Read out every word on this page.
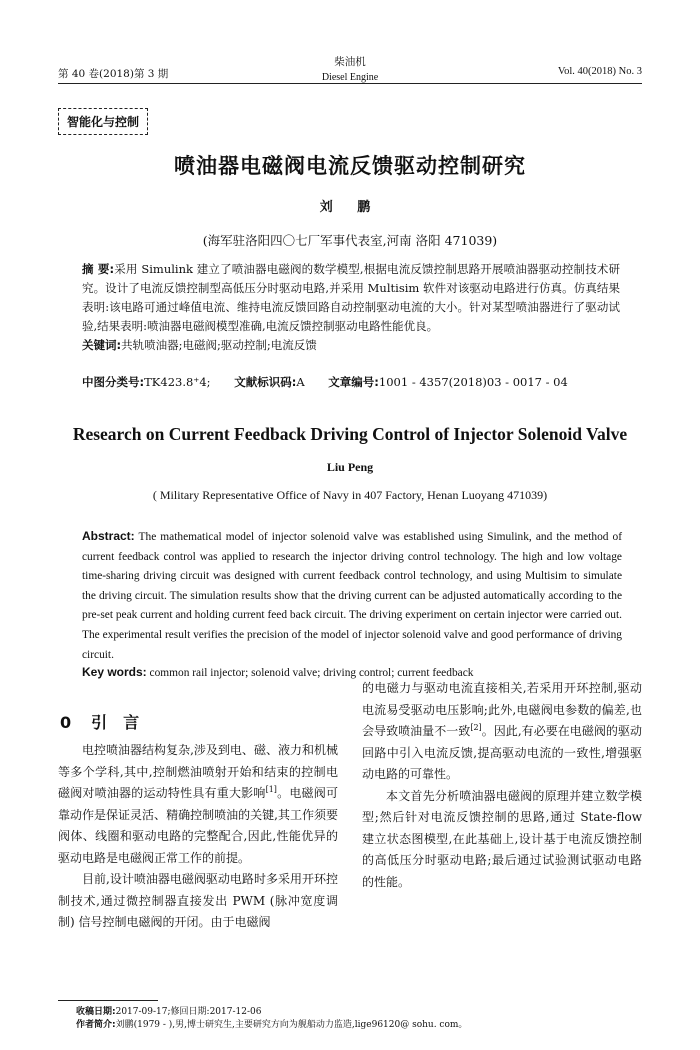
第 40 卷(2018)第 3 期
柴油机
Diesel Engine
Vol. 40(2018) No. 3
智能化与控制
喷油器电磁阀电流反馈驱动控制研究
刘 鹏
(海军驻洛阳四〇七厂军事代表室,河南 洛阳 471039)
摘 要:采用 Simulink 建立了喷油器电磁阀的数学模型,根据电流反馈控制思路开展喷油器驱动控制技术研究。设计了电流反馈控制型高低压分时驱动电路,并采用 Multisim 软件对该驱动电路进行仿真。仿真结果表明:该电路可通过峰值电流、维持电流反馈回路自动控制驱动电流的大小。针对某型喷油器进行了驱动试验,结果表明:喷油器电磁阀模型准确,电流反馈控制驱动电路性能优良。
关键词:共轨喷油器;电磁阀;驱动控制;电流反馈
中图分类号:TK423.8⁺4; 文献标识码:A 文章编号:1001 - 4357(2018)03 - 0017 - 04
Research on Current Feedback Driving Control of Injector Solenoid Valve
Liu Peng
( Military Representative Office of Navy in 407 Factory, Henan Luoyang 471039)
Abstract: The mathematical model of injector solenoid valve was established using Simulink, and the method of current feedback control was applied to research the injector driving control technology. The high and low voltage time-sharing driving circuit was designed with current feedback control technology, and using Multisim to simulate the driving circuit. The simulation results show that the driving current can be adjusted automatically according to the pre-set peak current and holding current feed back circuit. The driving experiment on certain injector were carried out. The experimental result verifies the precision of the model of injector solenoid valve and good performance of driving circuit.
Key words: common rail injector; solenoid valve; driving control; current feedback
0 引言

电控喷油器结构复杂,涉及到电、磁、液力和机械等多个学科,其中,控制燃油喷射开始和结束的控制电磁阀对喷油器的运动特性具有重大影响[1]。电磁阀可靠动作是保证灵活、精确控制喷油的关键,其工作须要阀体、线圈和驱动电路的完整配合,因此,性能优异的驱动电路是电磁阀正常工作的前提。

目前,设计喷油器电磁阀驱动电路时多采用开环控制技术,通过微控制器直接发出 PWM (脉冲宽度调制) 信号控制电磁阀的开闭。由于电磁阀

的电磁力与驱动电流直接相关,若采用开环控制,驱动电流易受驱动电压影响;此外,电磁阀电参数的偏差,也会导致喷油量不一致[2]。因此,有必要在电磁阀的驱动回路中引入电流反馈,提高驱动电流的一致性,增强驱动电路的可靠性。

本文首先分析喷油器电磁阀的原理并建立数学模型;然后针对电流反馈控制的思路,通过 State-flow 建立状态图模型,在此基础上,设计基于电流反馈控制的高低压分时驱动电路;最后通过试验测试驱动电路的性能。

收稿日期:2017-09-17;修回日期:2017-12-06
作者简介:刘鹏(1979 - ),男,博士研究生,主要研究方向为舰船动力监造,lige96120@ sohu. com。
